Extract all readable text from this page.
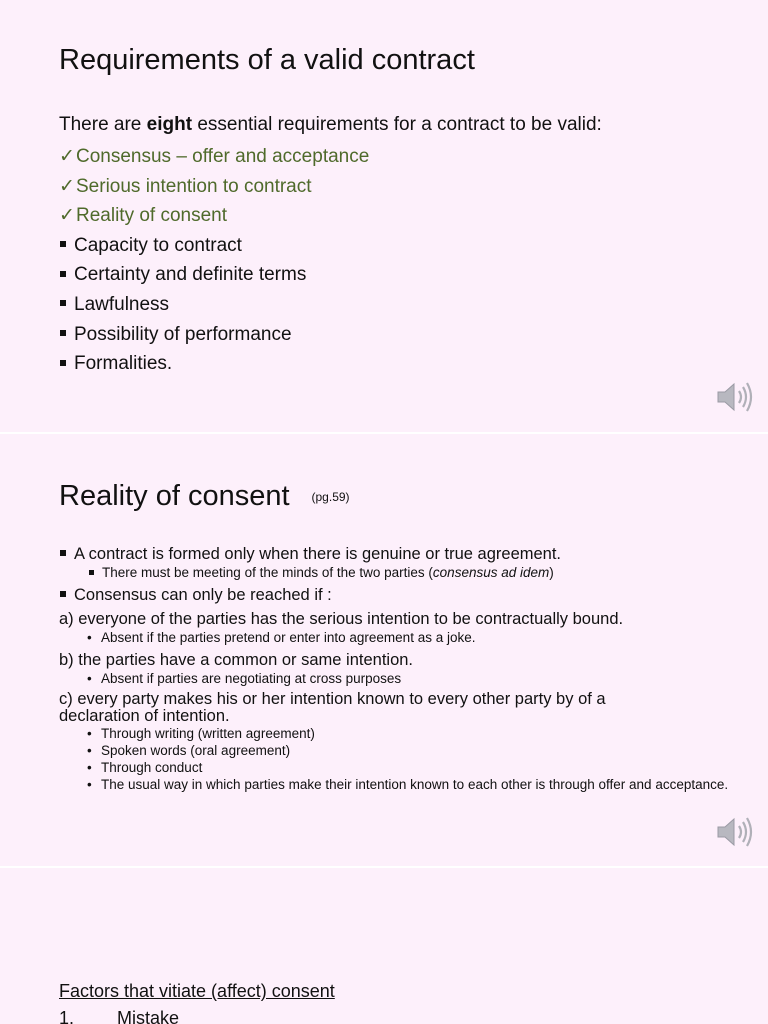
Requirements of a valid contract
There are eight essential requirements for a contract to be valid:
✓Consensus – offer and acceptance
✓Serious intention to contract
✓Reality of consent
Capacity to contract
Certainty and definite terms
Lawfulness
Possibility of performance
Formalities.
Reality of consent (pg.59)

A contract is formed only when there is genuine or true agreement.

There must be meeting of the minds of the two parties (consensus ad idem)

Consensus can only be reached if :

a) everyone of the parties has the serious intention to be contractually bound.

• Absent if the parties pretend or enter into agreement as a joke.

b) the parties have a common or same intention.

• Absent if parties are negotiating at cross purposes

c) every party makes his or her intention known to every other party by of a
declaration of intention.

• Through writing (written agreement)

• Spoken words (oral agreement)

• Through conduct

• The usual way in which parties make their intention known to each other is through offer and acceptance.

Factors that vitiate (affect) consent
1. Mistake
